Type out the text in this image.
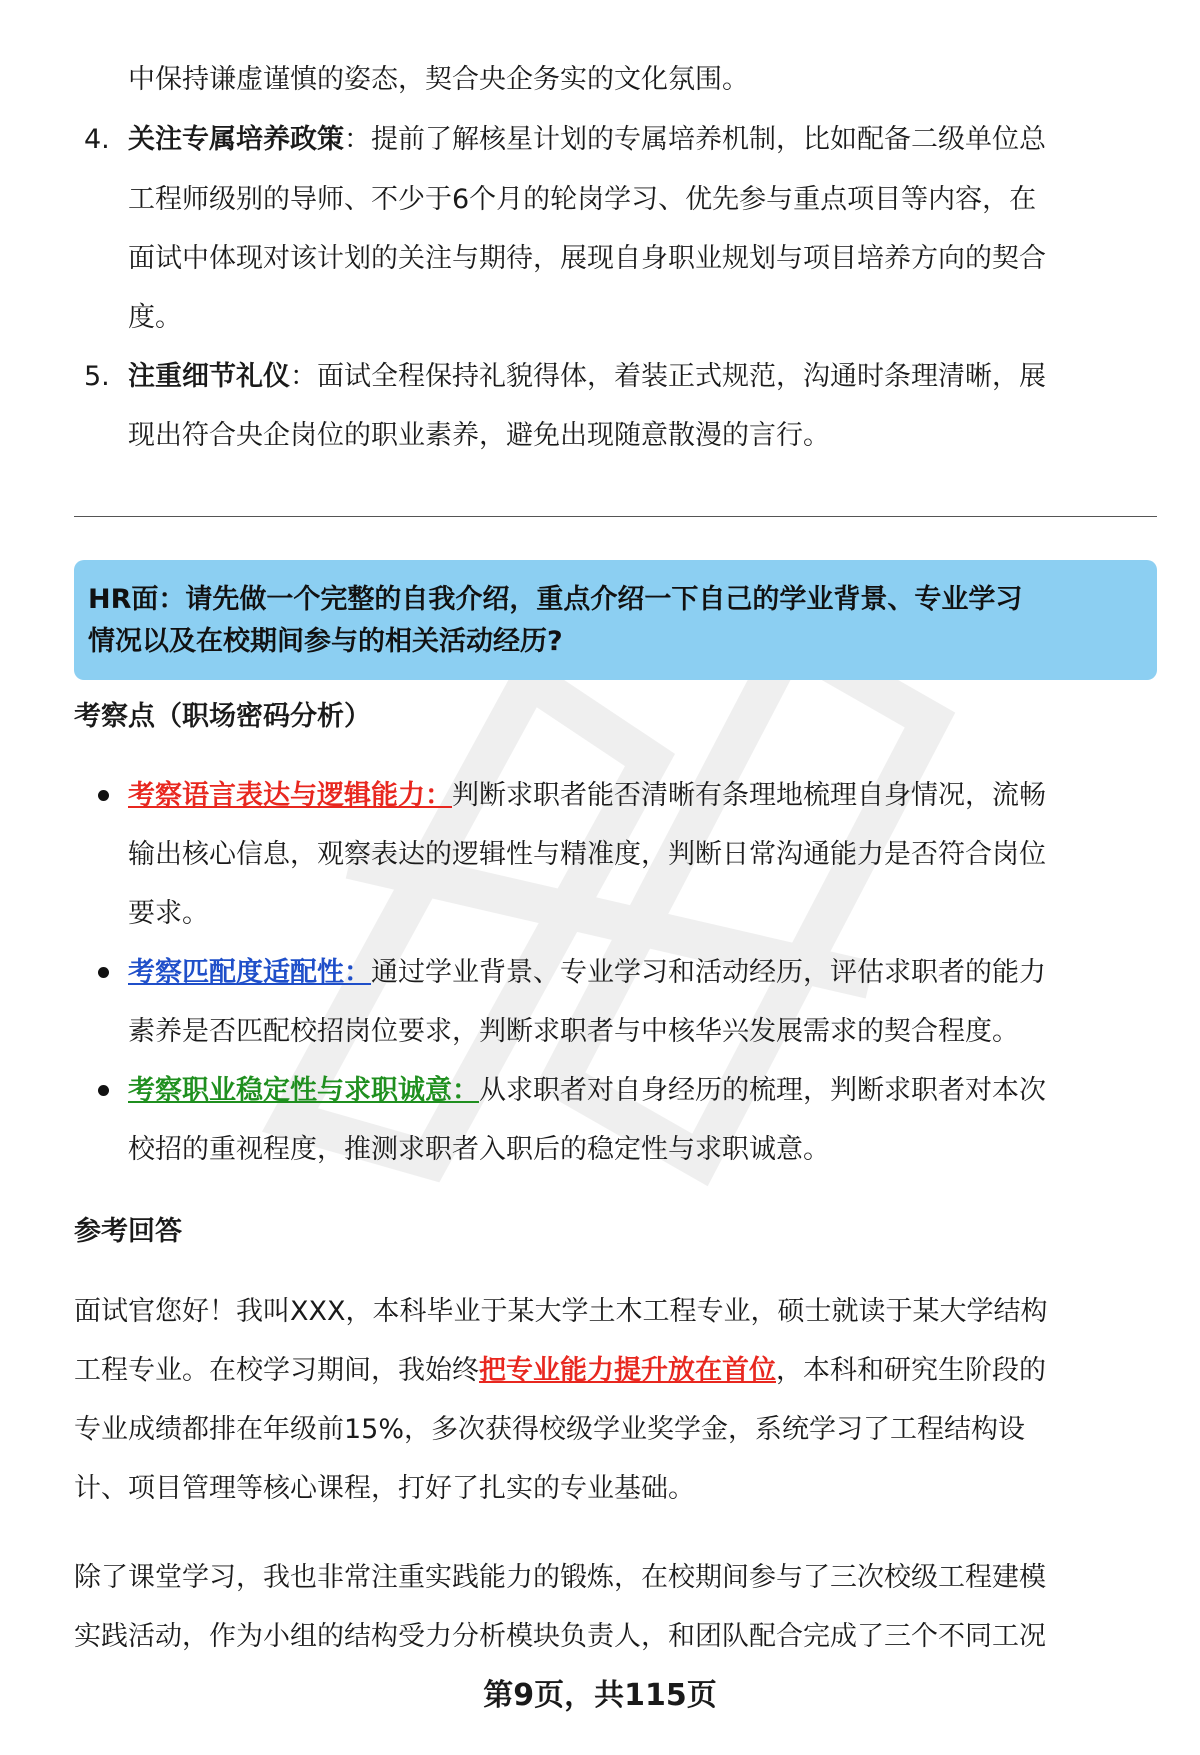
中保持谦虚谨慎的姿态，契合央企务实的文化氛围。
4. 关注专属培养政策：提前了解核星计划的专属培养机制，比如配备二级单位总
工程师级别的导师、不少于6个月的轮岗学习、优先参与重点项目等内容，在
面试中体现对该计划的关注与期待，展现自身职业规划与项目培养方向的契合
度。
5. 注重细节礼仪：面试全程保持礼貌得体，着装正式规范，沟通时条理清晰，展
现出符合央企岗位的职业素养，避免出现随意散漫的言行。
HR面：请先做一个完整的自我介绍，重点介绍一下自己的学业背景、专业学习
情况以及在校期间参与的相关活动经历?
考察点（职场密码分析）
考察语言表达与逻辑能力：判断求职者能否清晰有条理地梳理自身情况，流畅
输出核心信息，观察表达的逻辑性与精准度，判断日常沟通能力是否符合岗位
要求。
考察匹配度适配性：通过学业背景、专业学习和活动经历，评估求职者的能力
素养是否匹配校招岗位要求，判断求职者与中核华兴发展需求的契合程度。
考察职业稳定性与求职诚意：从求职者对自身经历的梳理，判断求职者对本次
校招的重视程度，推测求职者入职后的稳定性与求职诚意。
参考回答
面试官您好！我叫XXX，本科毕业于某大学土木工程专业，硕士就读于某大学结构
工程专业。在校学习期间，我始终把专业能力提升放在首位，本科和研究生阶段的
专业成绩都排在年级前15%，多次获得校级学业奖学金，系统学习了工程结构设
计、项目管理等核心课程，打好了扎实的专业基础。
除了课堂学习，我也非常注重实践能力的锻炼，在校期间参与了三次校级工程建模
实践活动，作为小组的结构受力分析模块负责人，和团队配合完成了三个不同工况
第9页，共115页
